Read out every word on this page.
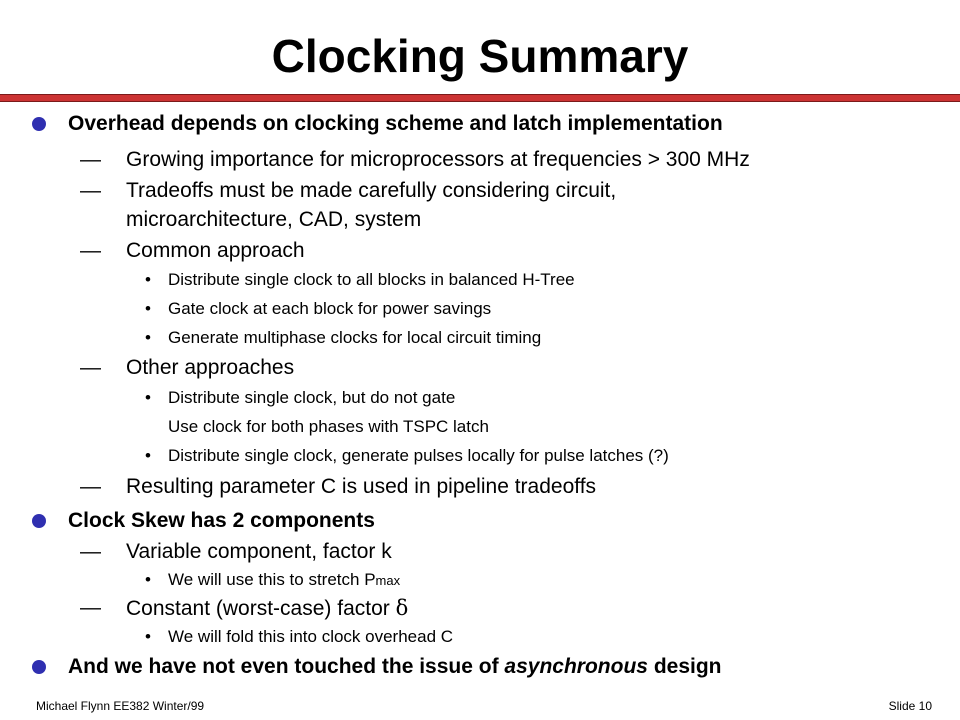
Clocking Summary
Overhead depends on clocking scheme and latch implementation
— Growing importance for microprocessors at frequencies > 300 MHz
— Tradeoffs must be made carefully considering circuit,
microarchitecture, CAD, system
— Common approach
• Distribute single clock to all blocks in balanced H-Tree
• Gate clock at each block for power savings
• Generate multiphase clocks for local circuit timing
— Other approaches
• Distribute single clock, but do not gate
Use clock for both phases with TSPC latch
• Distribute single clock, generate pulses locally for pulse latches (?)
— Resulting parameter C is used in pipeline tradeoffs
Clock Skew has 2 components
— Variable component, factor k
• We will use this to stretch Pmax
— Constant (worst-case) factor δ
• We will fold this into clock overhead C
And we have not even touched the issue of asynchronous design
Michael Flynn EE382 Winter/99	Slide 10
